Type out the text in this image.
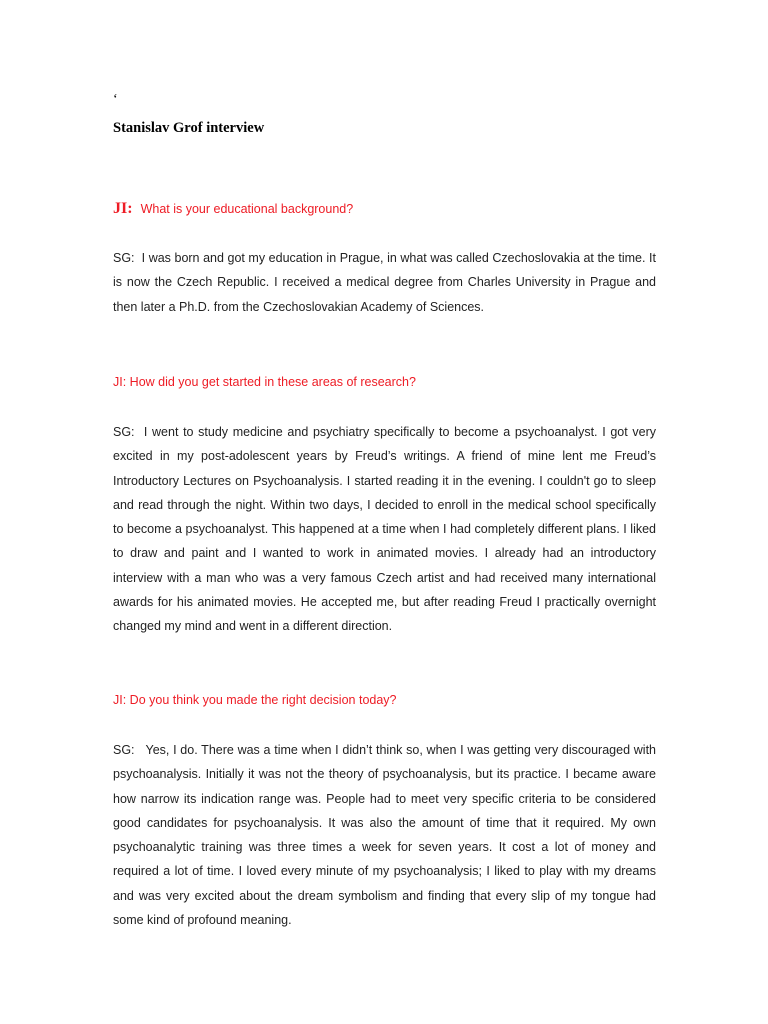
‘
Stanislav Grof interview

JI: What is your educational background?

SG:  I was born and got my education in Prague, in what was called Czechoslovakia at the time. It is now the Czech Republic. I received a medical degree from Charles University in Prague and then later a Ph.D. from the Czechoslovakian Academy of Sciences.

JI: How did you get started in these areas of research?

SG:  I went to study medicine and psychiatry specifically to become a psychoanalyst. I got very excited in my post-adolescent years by Freud’s writings. A friend of mine lent me Freud’s Introductory Lectures on Psychoanalysis. I started reading it in the evening. I couldn't go to sleep and read through the night. Within two days, I decided to enroll in the medical school specifically to become a psychoanalyst. This happened at a time when I had completely different plans. I liked to draw and paint and I wanted to work in animated movies. I already had an introductory interview with a man who was a very famous Czech artist and had received many international awards for his animated movies. He accepted me, but after reading Freud I practically overnight changed my mind and went in a different direction.

JI: Do you think you made the right decision today?

SG:   Yes, I do. There was a time when I didn’t think so, when I was getting very discouraged with psychoanalysis. Initially it was not the theory of psychoanalysis, but its practice. I became aware how narrow its indication range was. People had to meet very specific criteria to be considered good candidates for psychoanalysis. It was also the amount of time that it required. My own psychoanalytic training was three times a week for seven years. It cost a lot of money and required a lot of time. I loved every minute of my psychoanalysis; I liked to play with my dreams and was very excited about the dream symbolism and finding that every slip of my tongue had some kind of profound meaning.
